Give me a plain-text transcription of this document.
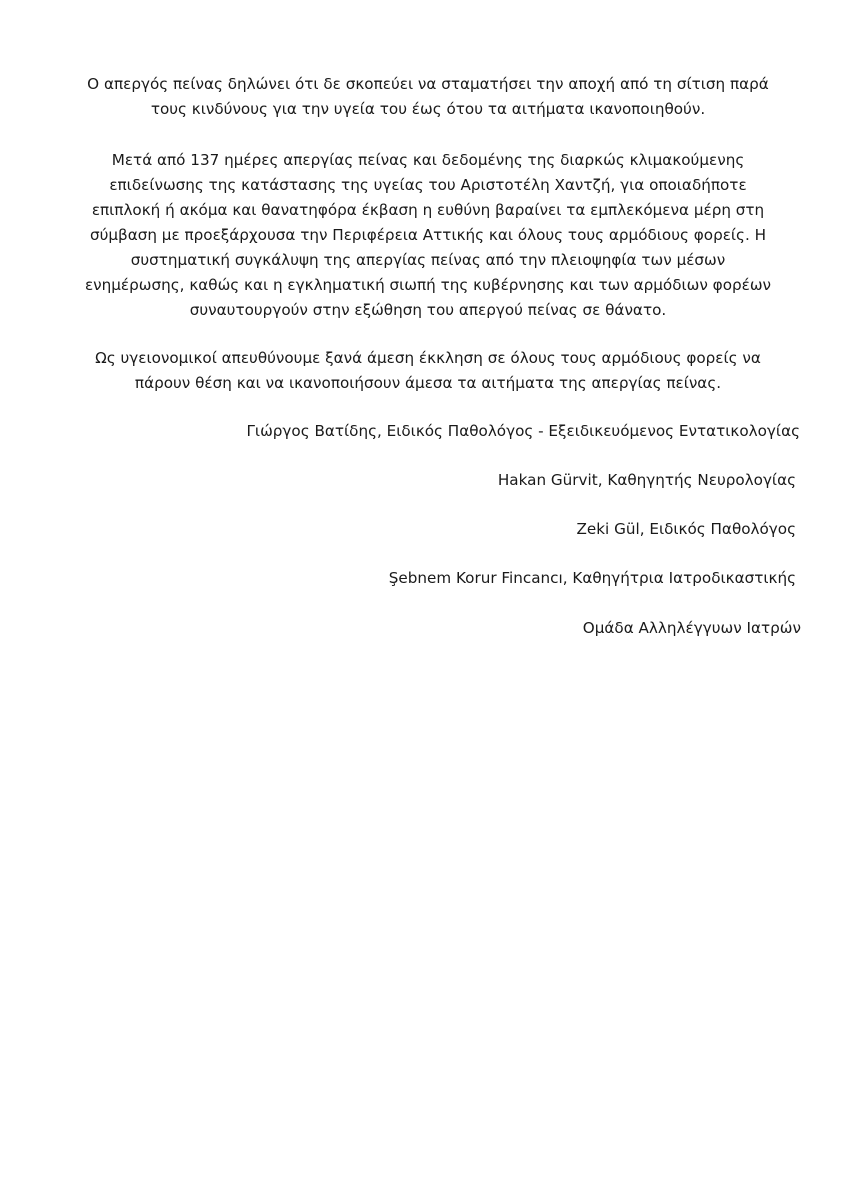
Ο απεργός πείνας δηλώνει ότι δε σκοπεύει να σταματήσει την αποχή από τη σίτιση παρά
τους κινδύνους για την υγεία του έως ότου τα αιτήματα ικανοποιηθούν.
Μετά από 137 ημέρες απεργίας πείνας και δεδομένης της διαρκώς κλιμακούμενης
επιδείνωσης της κατάστασης της υγείας του Αριστοτέλη Χαντζή, για οποιαδήποτε
επιπλοκή ή ακόμα και θανατηφόρα έκβαση η ευθύνη βαραίνει τα εμπλεκόμενα μέρη στη
σύμβαση με προεξάρχουσα την Περιφέρεια Αττικής και όλους τους αρμόδιους φορείς. Η
συστηματική συγκάλυψη της απεργίας πείνας από την πλειοψηφία των μέσων
ενημέρωσης, καθώς και η εγκληματική σιωπή της κυβέρνησης και των αρμόδιων φορέων
συναυτουργούν στην εξώθηση του απεργού πείνας σε θάνατο.
Ως υγειονομικοί απευθύνουμε ξανά άμεση έκκληση σε όλους τους αρμόδιους φορείς να
πάρουν θέση και να ικανοποιήσουν άμεσα τα αιτήματα της απεργίας πείνας.
Γιώργος Βατίδης, Ειδικός Παθολόγος - Εξειδικευόμενος Εντατικολογίας
Hakan Gürvit, Καθηγητής Νευρολογίας
Zeki Gül, Ειδικός Παθολόγος
Şebnem Korur Fincancı, Καθηγήτρια Ιατροδικαστικής
Ομάδα Αλληλέγγυων Ιατρών
